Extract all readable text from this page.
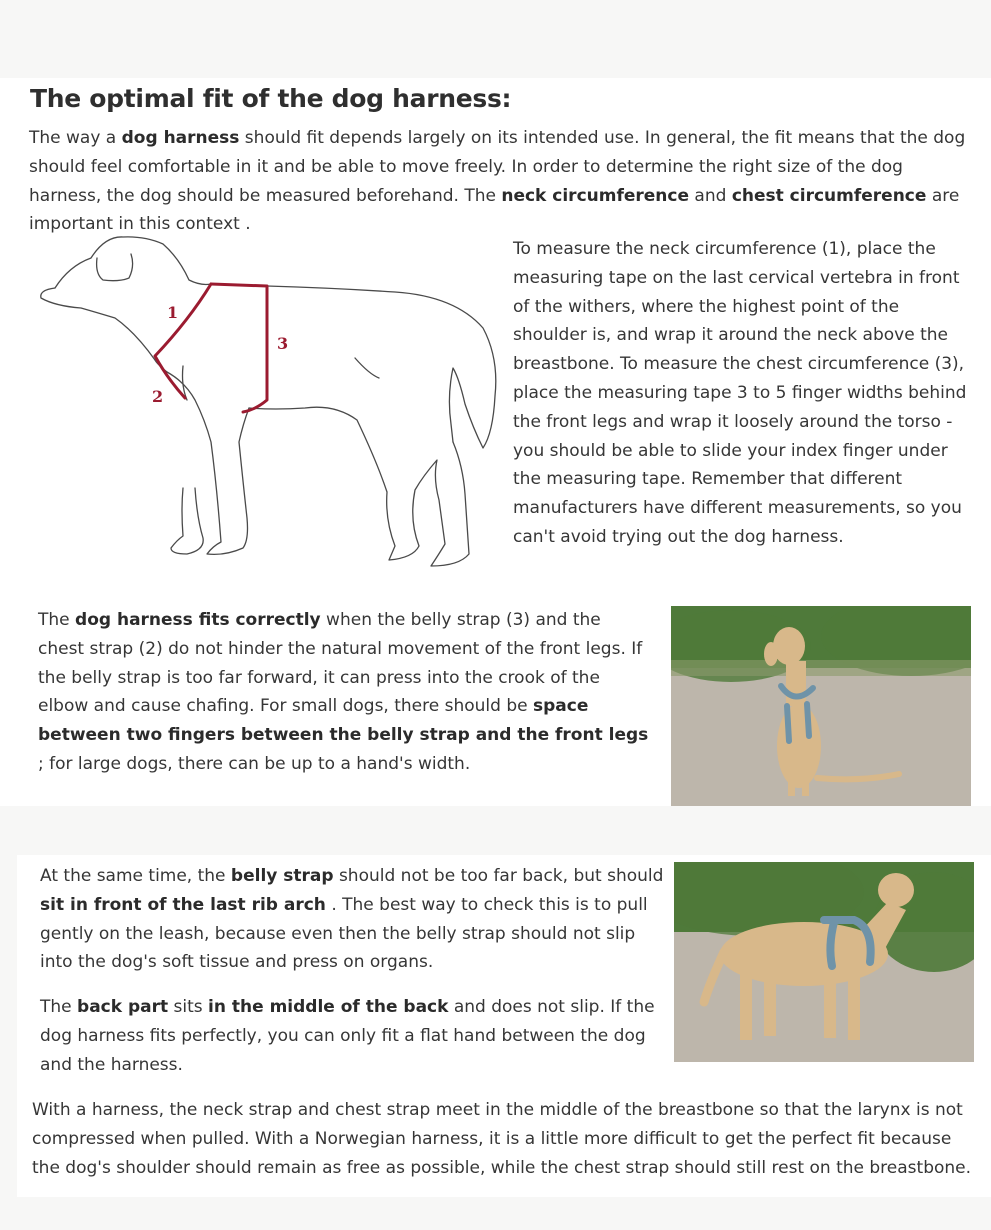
The optimal fit of the dog harness:

The way a dog harness should fit depends largely on its intended use. In general, the fit means that the dog should feel comfortable in it and be able to move freely. In order to determine the right size of the dog harness, the dog should be measured beforehand. The neck circumference and chest circumference are important in this context .

1
2
3

To measure the neck circumference (1), place the measuring tape on the last cervical vertebra in front of the withers, where the highest point of the shoulder is, and wrap it around the neck above the breastbone. To measure the chest circumference (3), place the measuring tape 3 to 5 finger widths behind the front legs and wrap it loosely around the torso - you should be able to slide your index finger under the measuring tape. Remember that different manufacturers have different measurements, so you can't avoid trying out the dog harness.

The dog harness fits correctly when the belly strap (3) and the chest strap (2) do not hinder the natural movement of the front legs. If the belly strap is too far forward, it can press into the crook of the elbow and cause chafing. For small dogs, there should be space between two fingers between the belly strap and the front legs ; for large dogs, there can be up to a hand's width.

At the same time, the belly strap should not be too far back, but should sit in front of the last rib arch . The best way to check this is to pull gently on the leash, because even then the belly strap should not slip into the dog's soft tissue and press on organs.

The back part sits in the middle of the back and does not slip. If the dog harness fits perfectly, you can only fit a flat hand between the dog and the harness.

With a harness, the neck strap and chest strap meet in the middle of the breastbone so that the larynx is not compressed when pulled. With a Norwegian harness, it is a little more difficult to get the perfect fit because the dog's shoulder should remain as free as possible, while the chest strap should still rest on the breastbone.
